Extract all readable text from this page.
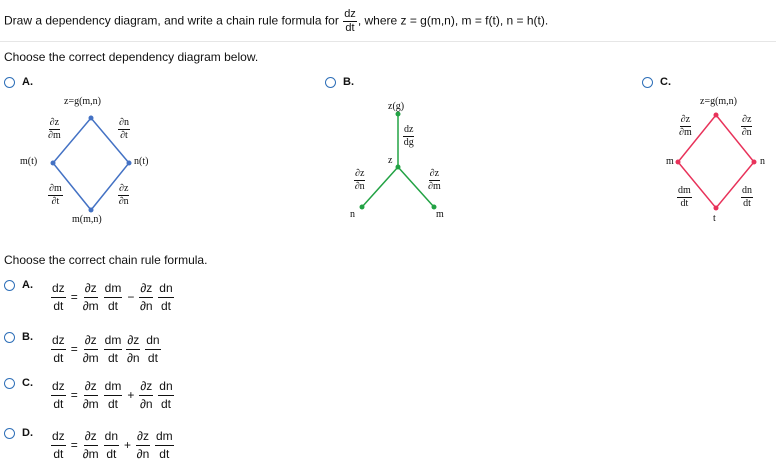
Draw a dependency diagram, and write a chain rule formula for $\frac{dz}{dt}$ , where z = g(m,n), m = f(t), n = h(t).
Choose the correct dependency diagram below.
A.
z=g(m,n)
m(t)	n(t)
m(m,n)
$\frac{\partial z}{\partial m}$	$\frac{\partial n}{\partial t}$
$\frac{\partial m}{\partial t}$	$\frac{\partial z}{\partial n}$
B.
z(g)
z
n	m
$\frac{dz}{dg}$
$\frac{\partial z}{\partial n}$	$\frac{\partial z}{\partial m}$
C.
z=g(m,n)
m	n
t
$\frac{\partial z}{\partial m}$	$\frac{\partial z}{\partial n}$
$\frac{dm}{dt}$	$\frac{dn}{dt}$
Choose the correct chain rule formula.
A. $\frac{dz}{dt} = \frac{\partial z}{\partial m}$ dm
dt
− $\frac{\partial z}{\partial n}$ dn
dt
B. $\frac{dz}{dt} = \frac{\partial z}{\partial m}$ dm
dt $\frac{\partial z}{\partial n}$ dn
dt
C. $\frac{dz}{dt} = \frac{\partial z}{\partial m}$ dm
dt
+ $\frac{\partial z}{\partial n}$ dn
dt
D. $\frac{dz}{dt} = \frac{\partial z}{\partial m}$ dn
dt
+ $\frac{\partial z}{\partial n}$ dm
dt
